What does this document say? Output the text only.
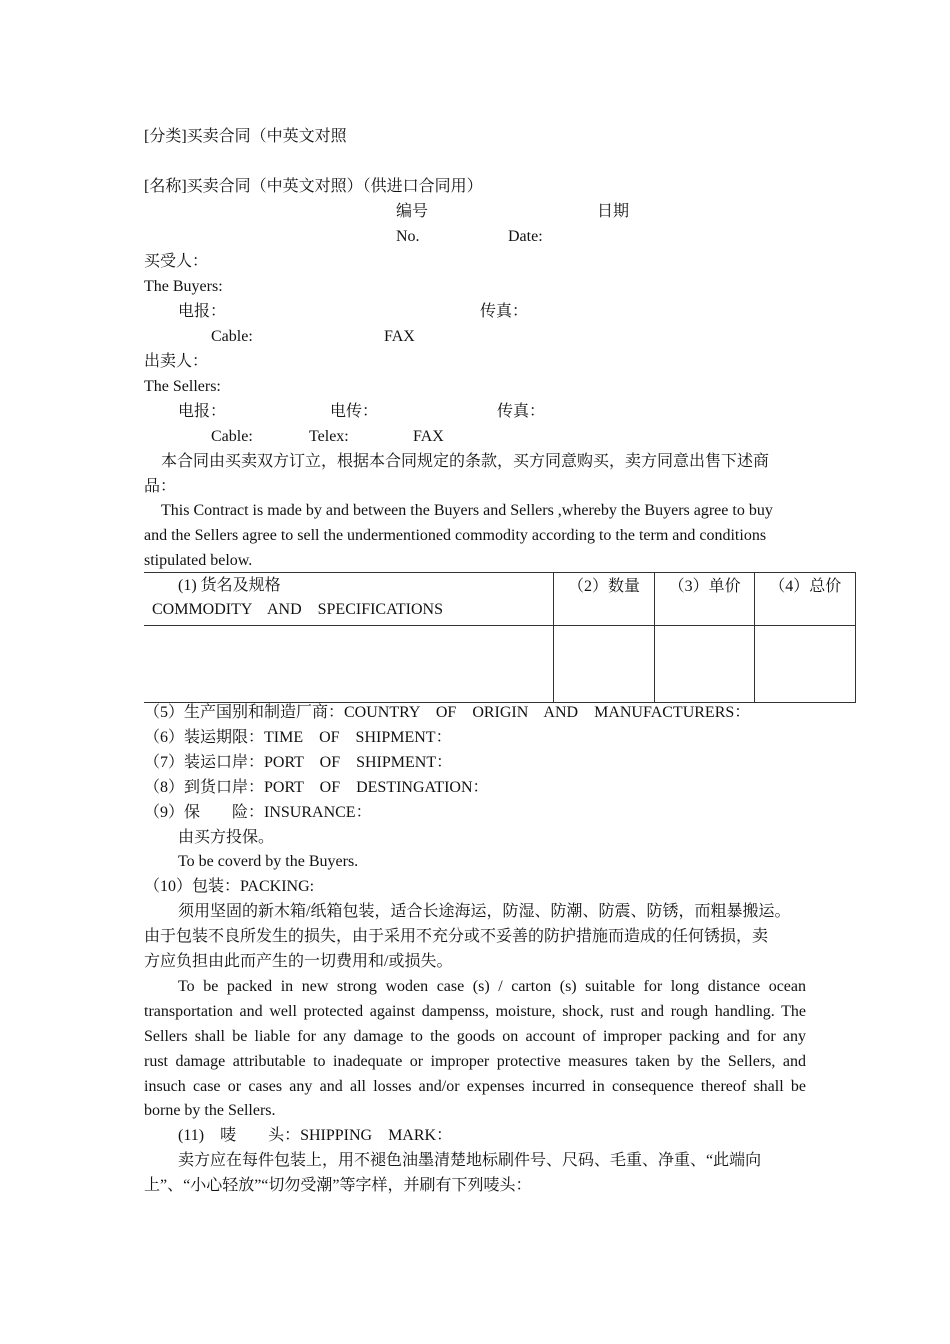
[分类]买卖合同（中英文对照
[名称]买卖合同（中英文对照）（供进口合同用）
编号	日期
No.	Date:
买受人：
The Buyers:
电报：	传真：
Cable:	FAX
出卖人：
The Sellers:
电报：	电传：	传真：
Cable:	Telex:	FAX
本合同由买卖双方订立，根据本合同规定的条款，买方同意购买，卖方同意出售下述商
品：
This Contract is made by and between the Buyers and Sellers ,whereby the Buyers agree to buy
and the Sellers agree to sell the undermentioned commodity according to the term and conditions
stipulated below.
(1) 货名及规格
COMMODITY    AND    SPECIFICATIONS	（2）数量	（3）单价	（4）总价

（5）生产国别和制造厂商：COUNTRY    OF    ORIGIN    AND    MANUFACTURERS：
（6）装运期限：TIME    OF    SHIPMENT：
（7）装运口岸：PORT    OF    SHIPMENT：
（8）到货口岸：PORT    OF    DESTINGATION：
（9）保        险：INSURANCE：
由买方投保。
To be coverd by the Buyers.
（10）包装：PACKING:
须用坚固的新木箱/纸箱包装，适合长途海运，防湿、防潮、防震、防锈，而粗暴搬运。
由于包装不良所发生的损失，由于采用不充分或不妥善的防护措施而造成的任何锈损，卖
方应负担由此而产生的一切费用和/或损失。
To be packed in new strong woden case (s) / carton (s) suitable for long distance ocean
transportation and well protected against dampenss, moisture, shock, rust and rough handling. The
Sellers shall be liable for any damage to the goods on account of improper packing and for any
rust damage attributable to inadequate or improper protective measures taken by the Sellers, and
insuch case or cases any and all losses and/or expenses incurred in consequence thereof shall be
borne by the Sellers.
(11)    唛        头：SHIPPING    MARK：
卖方应在每件包装上，用不褪色油墨清楚地标刷件号、尺码、毛重、净重、“此端向
上”、“小心轻放”“切勿受潮”等字样，并刷有下列唛头：
